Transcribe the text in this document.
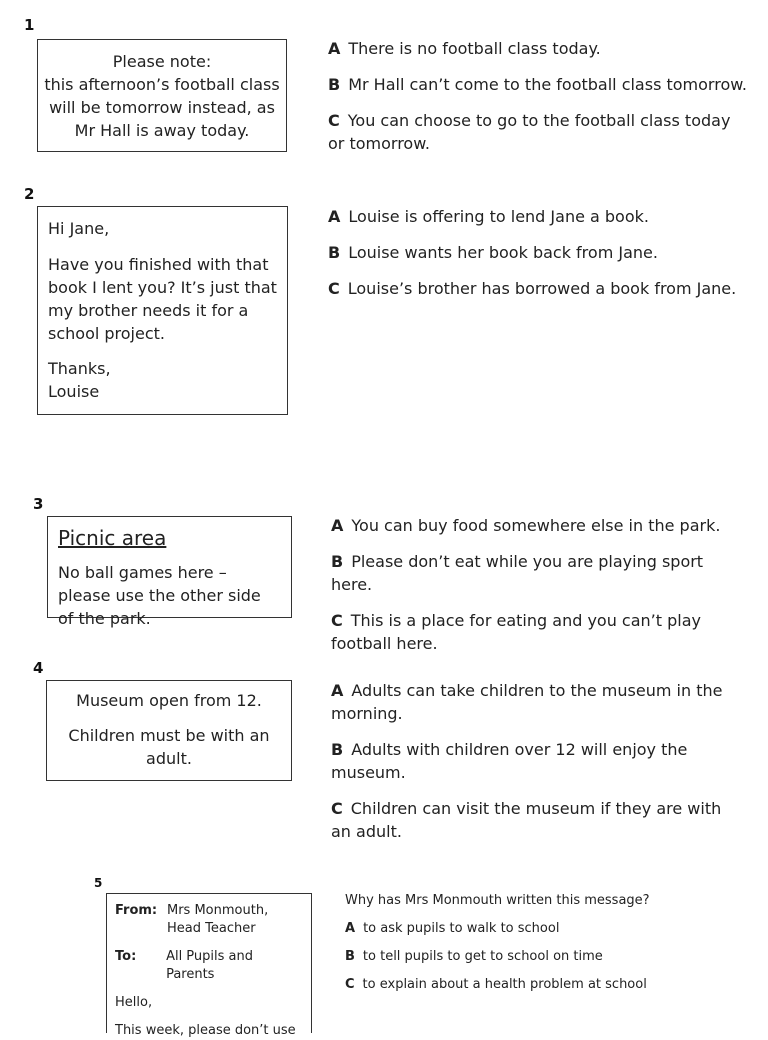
1

Please note:

this afternoon’s football class

will be tomorrow instead, as

Mr Hall is away today.

A There is no football class today.
B Mr Hall can’t come to the football class tomorrow.
C You can choose to go to the football class today or tomorrow.
2

Hi Jane,

Have you finished with that book I lent you? It’s just that my brother needs it for a school project.

Thanks,

Louise

A Louise is offering to lend Jane a book.
B Louise wants her book back from Jane.
C Louise’s brother has borrowed a book from Jane.
3

Picnic area

No ball games here – please use the other side of the park.

A You can buy food somewhere else in the park.
B Please don’t eat while you are playing sport here.
C This is a place for eating and you can’t play football here.
4

Museum open from 12.

Children must be with an adult.

A Adults can take children to the museum in the morning.
B Adults with children over 12 will enjoy the museum.
C Children can visit the museum if they are with an adult.
5
From: Mrs Monmouth, Head Teacher
To:	All Pupils and Parents

Hello,

This week, please don’t use

Why has Mrs Monmouth written this message?

A to ask pupils to walk to school
B to tell pupils to get to school on time
C to explain about a health problem at school
